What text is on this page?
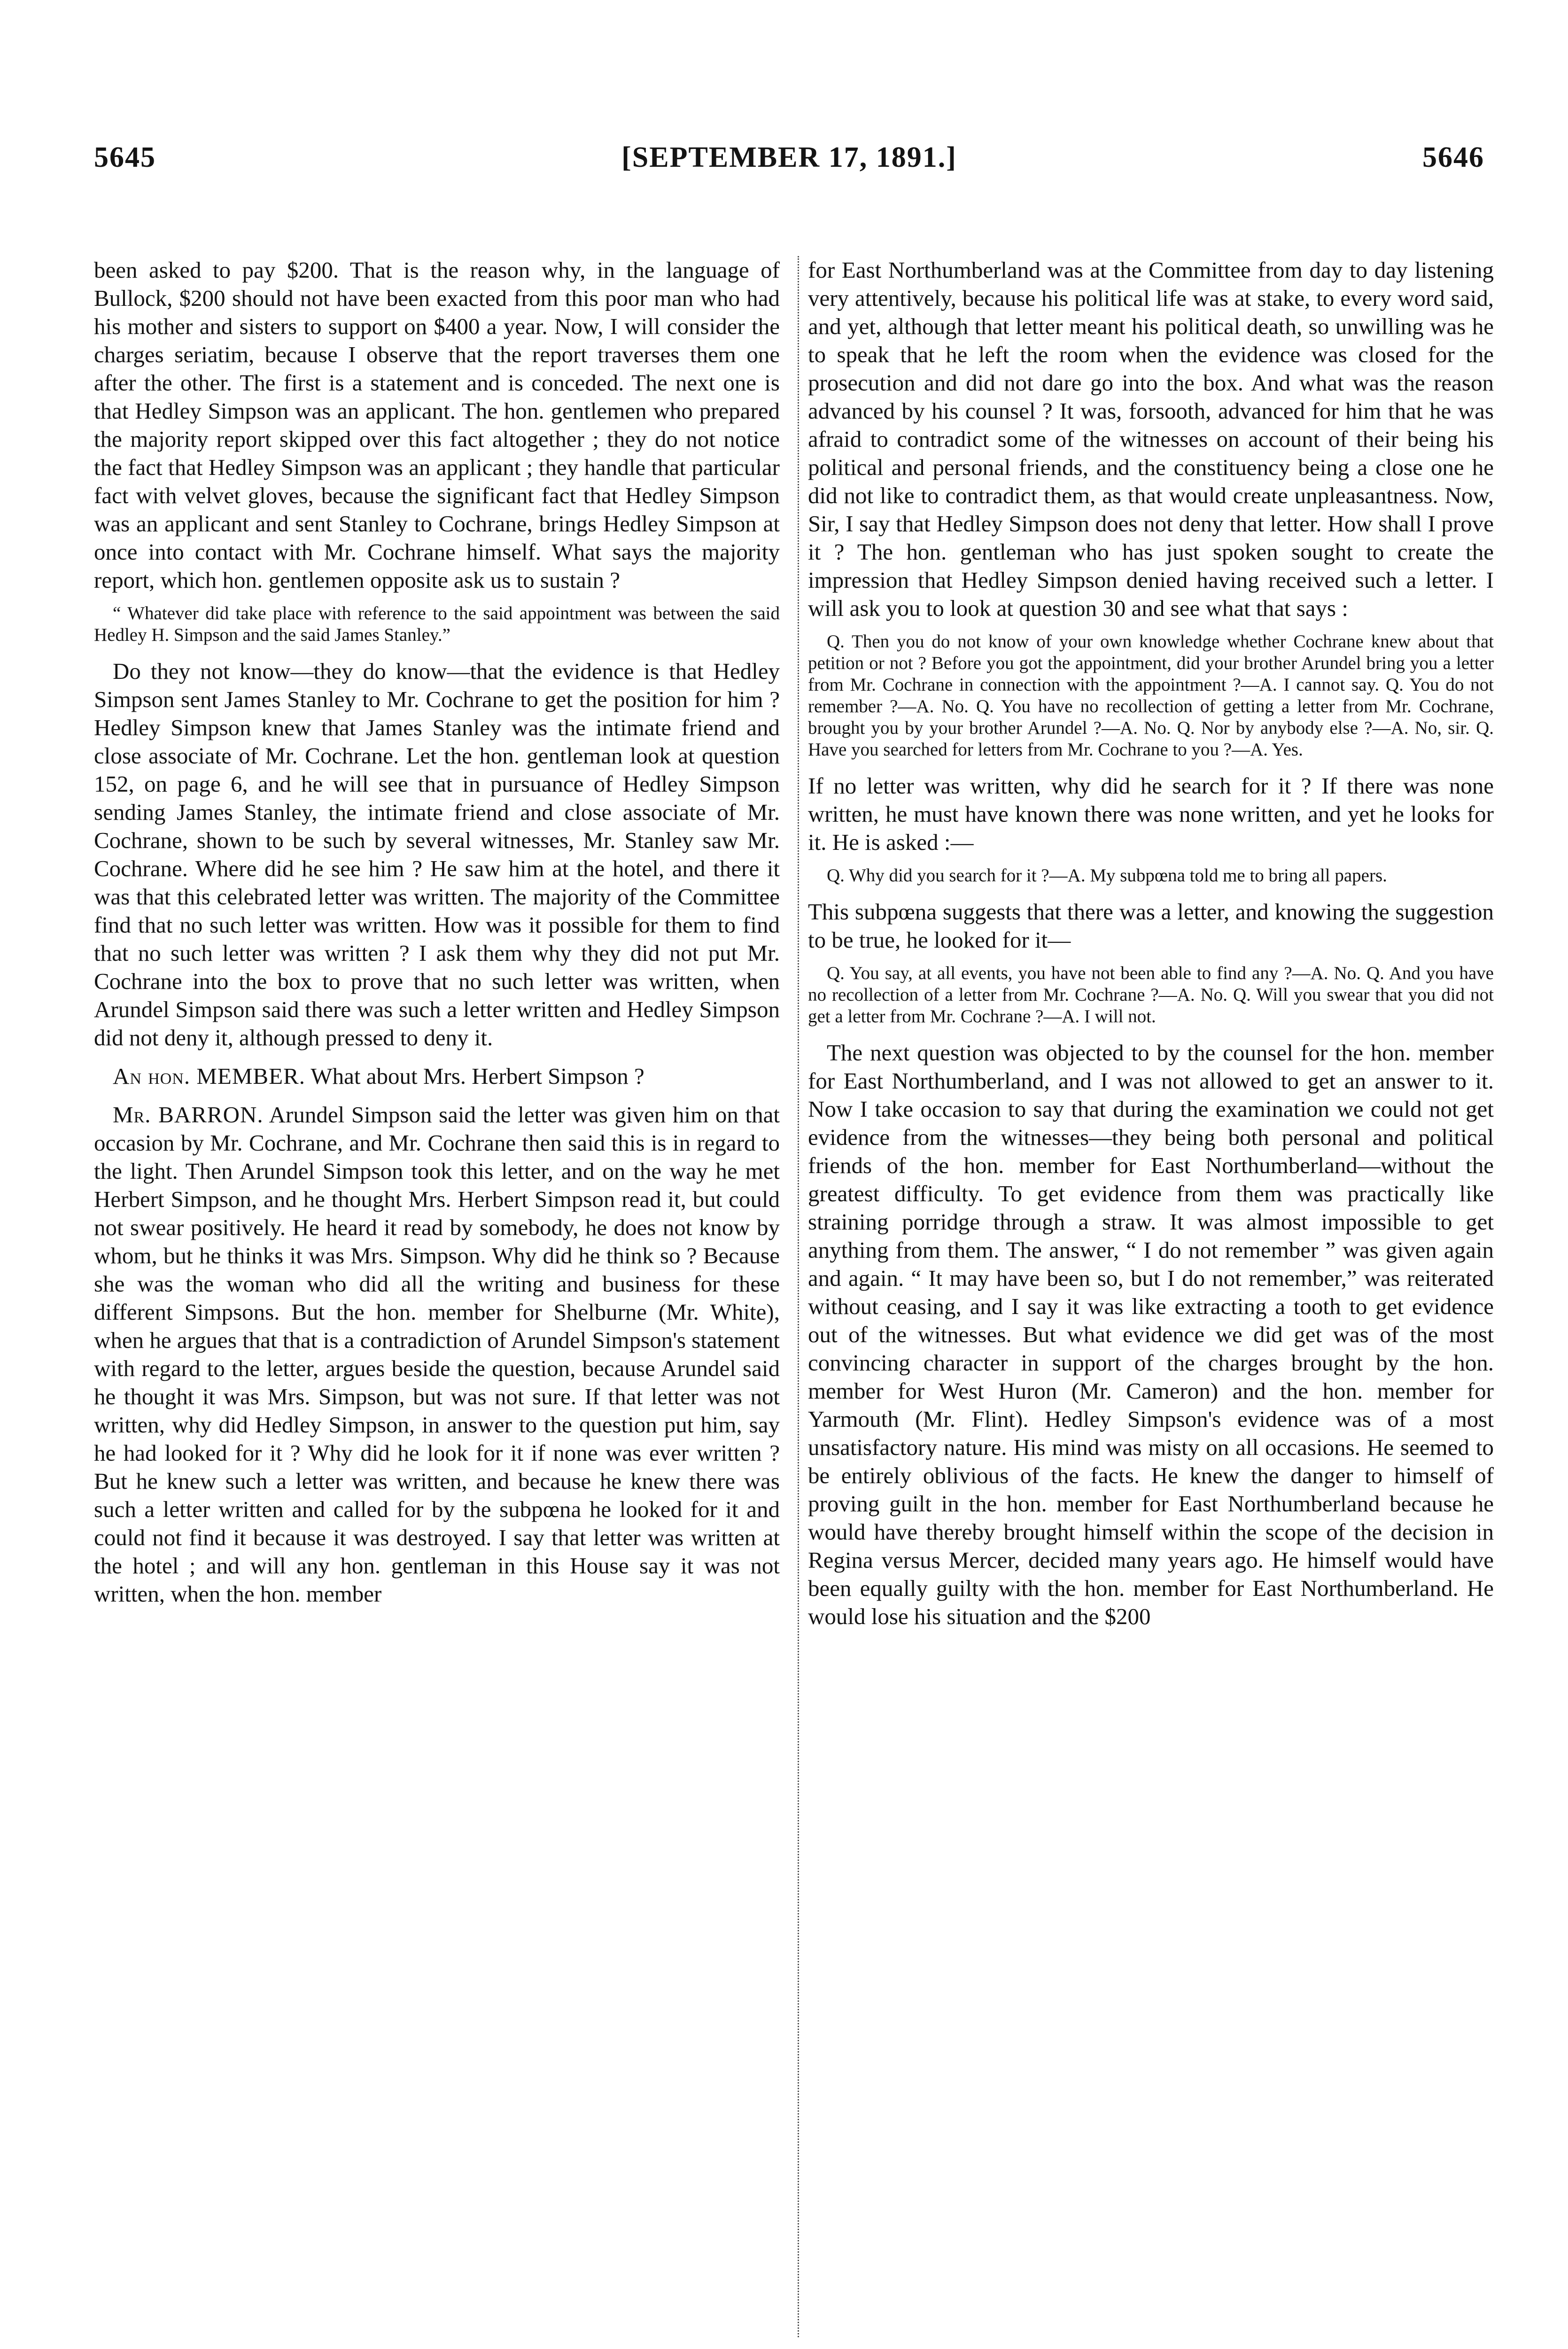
5645	[SEPTEMBER 17, 1891.]	5646

been asked to pay $200. That is the reason why, in the language of Bullock, $200 should not have been exacted from this poor man who had his mother and sisters to support on $400 a year. Now, I will consider the charges seriatim, because I observe that the report traverses them one after the other. The first is a statement and is conceded. The next one is that Hedley Simpson was an applicant. The hon. gentlemen who prepared the majority report skipped over this fact altogether ; they do not notice the fact that Hedley Simpson was an applicant ; they handle that particular fact with velvet gloves, because the significant fact that Hedley Simpson was an applicant and sent Stanley to Cochrane, brings Hedley Simpson at once into contact with Mr. Cochrane himself. What says the majority report, which hon. gentlemen opposite ask us to sustain ?

“ Whatever did take place with reference to the said appointment was between the said Hedley H. Simpson and the said James Stanley.”

Do they not know—they do know—that the evidence is that Hedley Simpson sent James Stanley to Mr. Cochrane to get the position for him ? Hedley Simpson knew that James Stanley was the intimate friend and close associate of Mr. Cochrane. Let the hon. gentleman look at question 152, on page 6, and he will see that in pursuance of Hedley Simpson sending James Stanley, the intimate friend and close associate of Mr. Cochrane, shown to be such by several witnesses, Mr. Stanley saw Mr. Cochrane. Where did he see him ? He saw him at the hotel, and there it was that this celebrated letter was written. The majority of the Committee find that no such letter was written. How was it possible for them to find that no such letter was written ? I ask them why they did not put Mr. Cochrane into the box to prove that no such letter was written, when Arundel Simpson said there was such a letter written and Hedley Simpson did not deny it, although pressed to deny it.

An hon. MEMBER. What about Mrs. Herbert Simpson ?

Mr. BARRON. Arundel Simpson said the letter was given him on that occasion by Mr. Cochrane, and Mr. Cochrane then said this is in regard to the light. Then Arundel Simpson took this letter, and on the way he met Herbert Simpson, and he thought Mrs. Herbert Simpson read it, but could not swear positively. He heard it read by somebody, he does not know by whom, but he thinks it was Mrs. Simpson. Why did he think so ? Because she was the woman who did all the writing and business for these different Simpsons. But the hon. member for Shelburne (Mr. White), when he argues that that is a contradiction of Arundel Simpson's statement with regard to the letter, argues beside the question, because Arundel said he thought it was Mrs. Simpson, but was not sure. If that letter was not written, why did Hedley Simpson, in answer to the question put him, say he had looked for it ? Why did he look for it if none was ever written ? But he knew such a letter was written, and because he knew there was such a letter written and called for by the subpœna he looked for it and could not find it because it was destroyed. I say that letter was written at the hotel ; and will any hon. gentleman in this House say it was not written, when the hon. member

for East Northumberland was at the Committee from day to day listening very attentively, because his political life was at stake, to every word said, and yet, although that letter meant his political death, so unwilling was he to speak that he left the room when the evidence was closed for the prosecution and did not dare go into the box. And what was the reason advanced by his counsel ? It was, forsooth, advanced for him that he was afraid to contradict some of the witnesses on account of their being his political and personal friends, and the constituency being a close one he did not like to contradict them, as that would create unpleasantness. Now, Sir, I say that Hedley Simpson does not deny that letter. How shall I prove it ? The hon. gentleman who has just spoken sought to create the impression that Hedley Simpson denied having received such a letter. I will ask you to look at question 30 and see what that says :

Q. Then you do not know of your own knowledge whether Cochrane knew about that petition or not ? Before you got the appointment, did your brother Arundel bring you a letter from Mr. Cochrane in connection with the appointment ?—A. I cannot say. Q. You do not remember ?—A. No. Q. You have no recollection of getting a letter from Mr. Cochrane, brought you by your brother Arundel ?—A. No. Q. Nor by anybody else ?—A. No, sir. Q. Have you searched for letters from Mr. Cochrane to you ?—A. Yes.

If no letter was written, why did he search for it ? If there was none written, he must have known there was none written, and yet he looks for it. He is asked :—

Q. Why did you search for it ?—A. My subpœna told me to bring all papers.

This subpœna suggests that there was a letter, and knowing the suggestion to be true, he looked for it—

Q. You say, at all events, you have not been able to find any ?—A. No. Q. And you have no recollection of a letter from Mr. Cochrane ?—A. No. Q. Will you swear that you did not get a letter from Mr. Cochrane ?—A. I will not.

The next question was objected to by the counsel for the hon. member for East Northumberland, and I was not allowed to get an answer to it. Now I take occasion to say that during the examination we could not get evidence from the witnesses—they being both personal and political friends of the hon. member for East Northumberland—without the greatest difficulty. To get evidence from them was practically like straining porridge through a straw. It was almost impossible to get anything from them. The answer, “ I do not remember ” was given again and again. “ It may have been so, but I do not remember,” was reiterated without ceasing, and I say it was like extracting a tooth to get evidence out of the witnesses. But what evidence we did get was of the most convincing character in support of the charges brought by the hon. member for West Huron (Mr. Cameron) and the hon. member for Yarmouth (Mr. Flint). Hedley Simpson's evidence was of a most unsatisfactory nature. His mind was misty on all occasions. He seemed to be entirely oblivious of the facts. He knew the danger to himself of proving guilt in the hon. member for East Northumberland because he would have thereby brought himself within the scope of the decision in Regina versus Mercer, decided many years ago. He himself would have been equally guilty with the hon. member for East Northumberland. He would lose his situation and the $200
